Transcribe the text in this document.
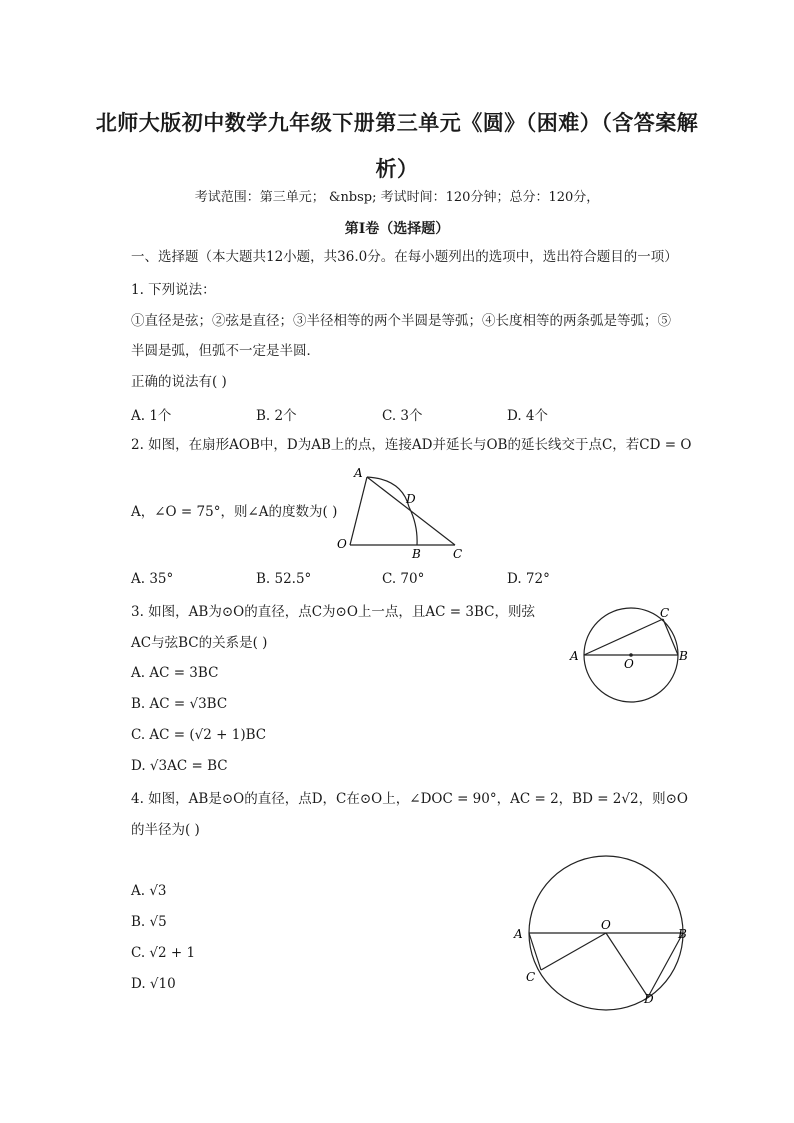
北师大版初中数学九年级下册第三单元《圆》（困难）（含答案解
析）
考试范围：第三单元； &nbsp; 考试时间：120分钟；总分：120分，
第I卷（选择题）
一、选择题（本大题共12小题，共36.0分。在每小题列出的选项中，选出符合题目的一项）
1. 下列说法：
①直径是弦；②弦是直径；③半径相等的两个半圆是等弧；④长度相等的两条弧是等弧；⑤
半圆是弧，但弧不一定是半圆．
正确的说法有( )
A. 1个	B. 2个	C. 3个	D. 4个
2. 如图，在扇形AOB中，D为AB上的点，连接AD并延长与OB的延长线交于点C，若CD = O
A，∠O = 75°，则∠A的度数为( )
A
D
O
B	C
A. 35°	B. 52.5°	C. 70°	D. 72°
3. 如图，AB为⊙O的直径，点C为⊙O上一点，且AC = 3BC，则弦
AC与弦BC的关系是( )
A	B
C
O
A. AC = 3BC
B. AC = √3BC
C. AC = (√2 + 1)BC
D. √3AC = BC
4. 如图，AB是⊙O的直径，点D，C在⊙O上，∠DOC = 90°，AC = 2，BD = 2√2，则⊙O
的半径为( )
A	B
C
D
O
A. √3
B. √5
C. √2 + 1
D. √10
